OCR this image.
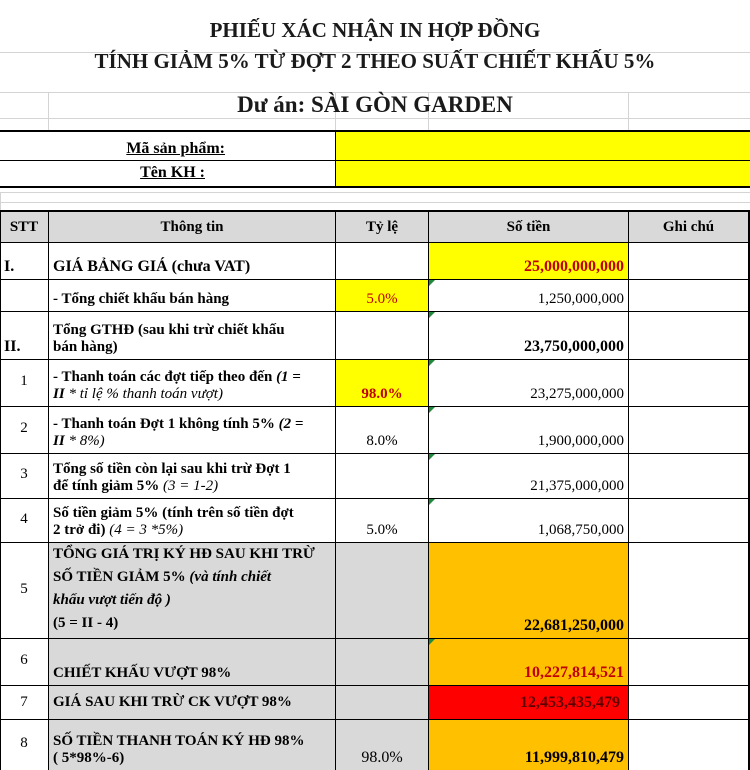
PHIẾU XÁC NHẬN IN HỢP ĐỒNG
TÍNH GIẢM 5% TỪ ĐỢT 2 THEO SUẤT CHIẾT KHẤU 5%
Dư án: SÀI GÒN GARDEN
Mã sản phẩm:
Tên KH :
STT	Thông tin	Tỷ lệ	Số tiền	Ghi chú
I.	GIÁ BẢNG GIÁ (chưa VAT)	25,000,000,000
- Tổng chiết khấu bán hàng	5.0%	1,250,000,000
II.
Tổng GTHĐ (sau khi trừ chiết khấu
bán hàng)	23,750,000,000
1	- Thanh toán các đợt tiếp theo đến (1 =
II * tỉ lệ % thanh toán vượt)	98.0%	23,275,000,000
2	- Thanh toán Đợt 1 không tính 5% (2 =
II * 8%)	8.0%	1,900,000,000
3	Tổng số tiền còn lại sau khi trừ Đợt 1
để tính giảm 5% (3 = 1-2)	21,375,000,000
4	Số tiền giảm 5% (tính trên số tiền đợt
2 trở đi) (4 = 3 *5%)	5.0%	1,068,750,000
5
TỔNG GIÁ TRỊ KÝ HĐ SAU KHI TRỪ
SỐ TIỀN GIẢM 5% (và tính chiết
khấu vượt tiến độ )
(5 = II - 4)	22,681,250,000
6
CHIẾT KHẤU VƯỢT 98%	10,227,814,521
7	GIÁ SAU KHI TRỪ CK VƯỢT 98%	12,453,435,479
8	SỐ TIỀN THANH TOÁN KÝ HĐ 98%
( 5*98%-6)	98.0%	11,999,810,479
